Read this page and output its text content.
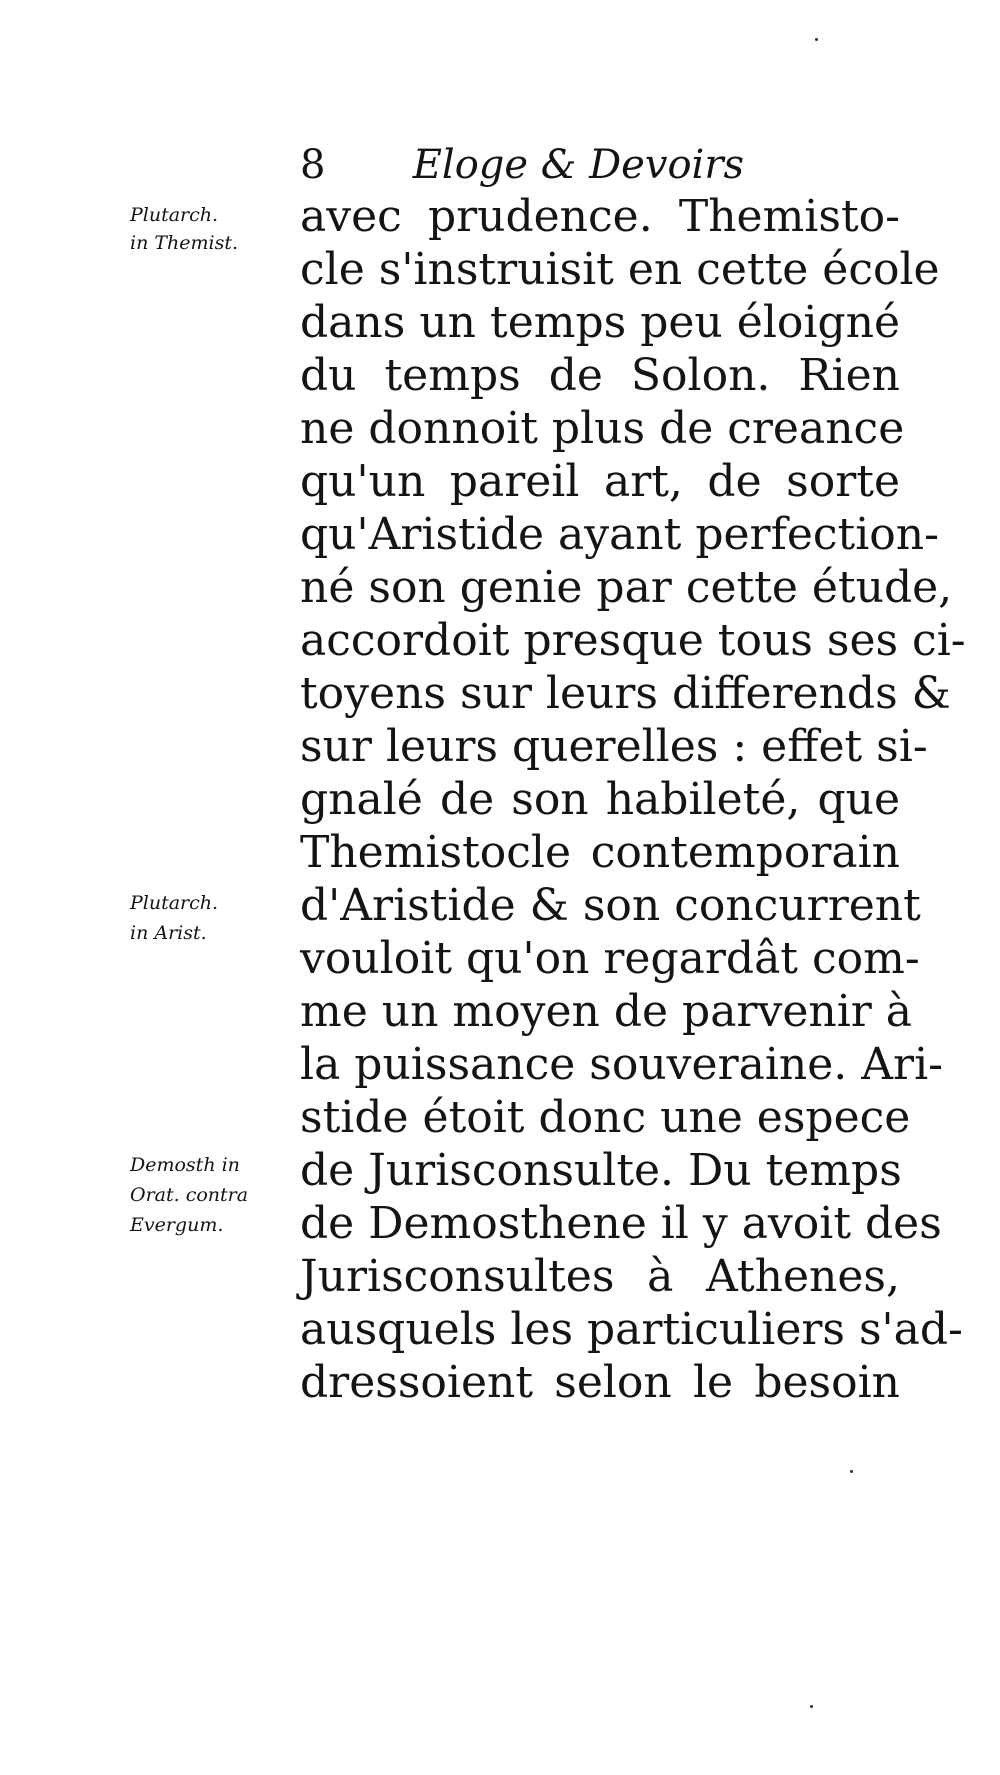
8 Eloge & Devoirs
avec prudence. Themisto-
cle s'instruisit en cette école
dans un temps peu éloigné
du temps de Solon. Rien
ne donnoit plus de creance
qu'un pareil art, de sorte
qu'Aristide ayant perfection-
né son genie par cette étude,
accordoit presque tous ses ci-
toyens sur leurs differends &
sur leurs querelles : effet si-
gnalé de son habileté, que
Themistocle contemporain
d'Aristide & son concurrent
vouloit qu'on regardât com-
me un moyen de parvenir à
la puissance souveraine. Ari-
stide étoit donc une espece
de Jurisconsulte. Du temps
de Demosthene il y avoit des
Jurisconsultes à Athenes,
ausquels les particuliers s'ad-
dressoient selon le besoin
Plutarch.
in Themist.
Plutarch.
in Arist.
Demosth in
Orat. contra
Evergum.
